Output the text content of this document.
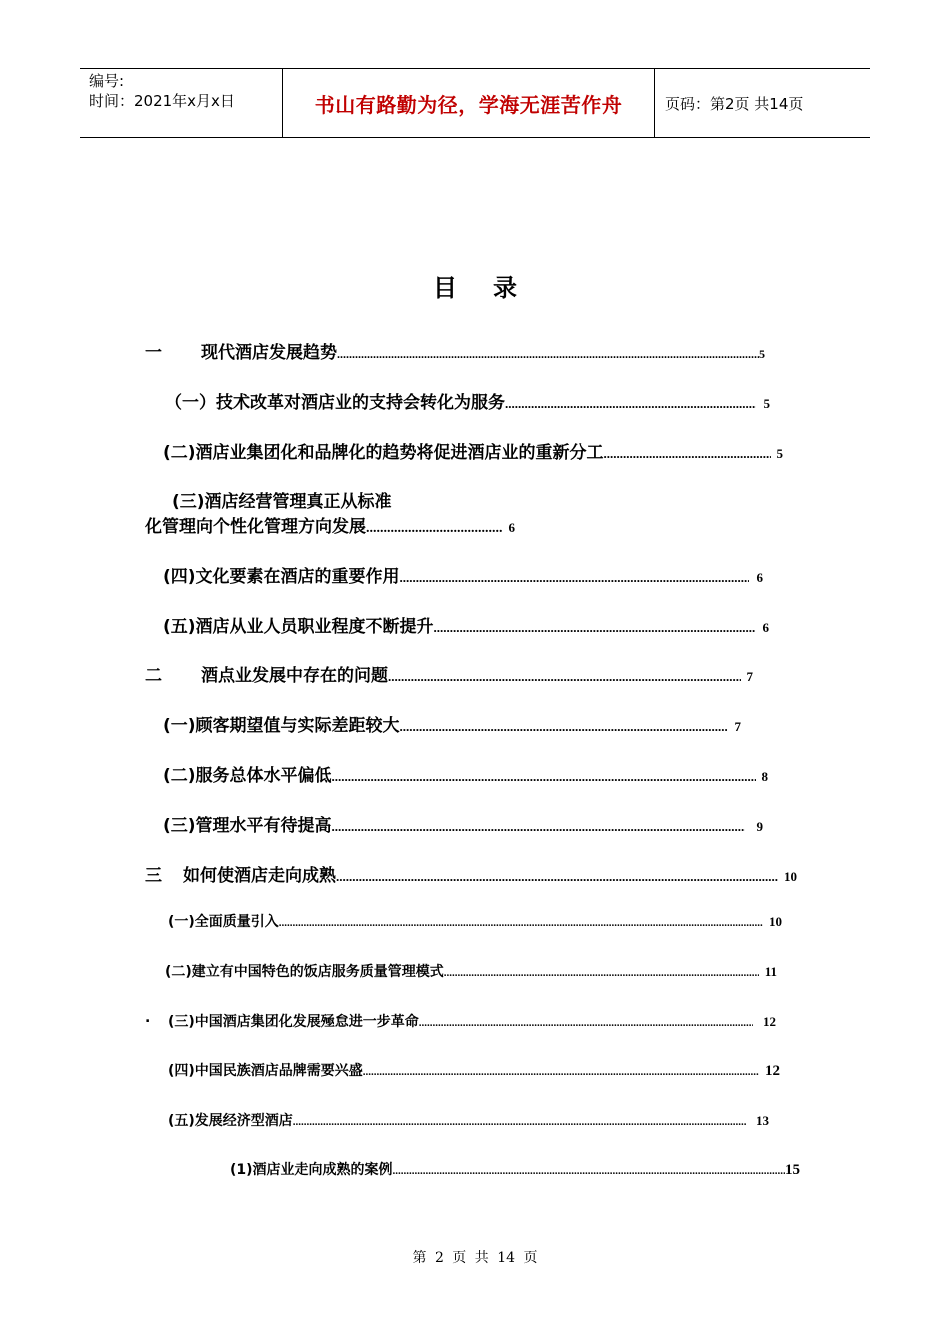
编号:
时间：2021年x月x日	书山有路勤为径，学海无涯苦作舟	页码：第2页 共14页
目 录
一	现代酒店发展趋势 .....	5
（一）技术改革对酒店业的支持会转化为服务 .....	5
(二)酒店业集团化和品牌化的趋势将促进酒店业的重新分工 .....	5
(三)酒店经营管理真正从标准
化管理向个性化管理方向发展 .....	6
(四)文化要素在酒店的重要作用 .....	6
(五)酒店从业人员职业程度不断提升 .....	6
二	酒点业发展中存在的问题 .....	7
(一)顾客期望值与实际差距较大 .....	7
(二)服务总体水平偏低 .....	8
(三)管理水平有待提高 .....	9
三	如何使酒店走向成熟 .....	10
(一)全面质量引入 .....	10
(二)建立有中国特色的饭店服务质量管理模式 .....	11
. (三)中国酒店集团化发展殛怠进一步革命 .....	12
(四)中国民族酒店品牌需要兴盛 .....	12
(五)发展经济型酒店 .....	13
(1)酒店业走向成熟的案例 .....	15
第 2 页 共 14 页
